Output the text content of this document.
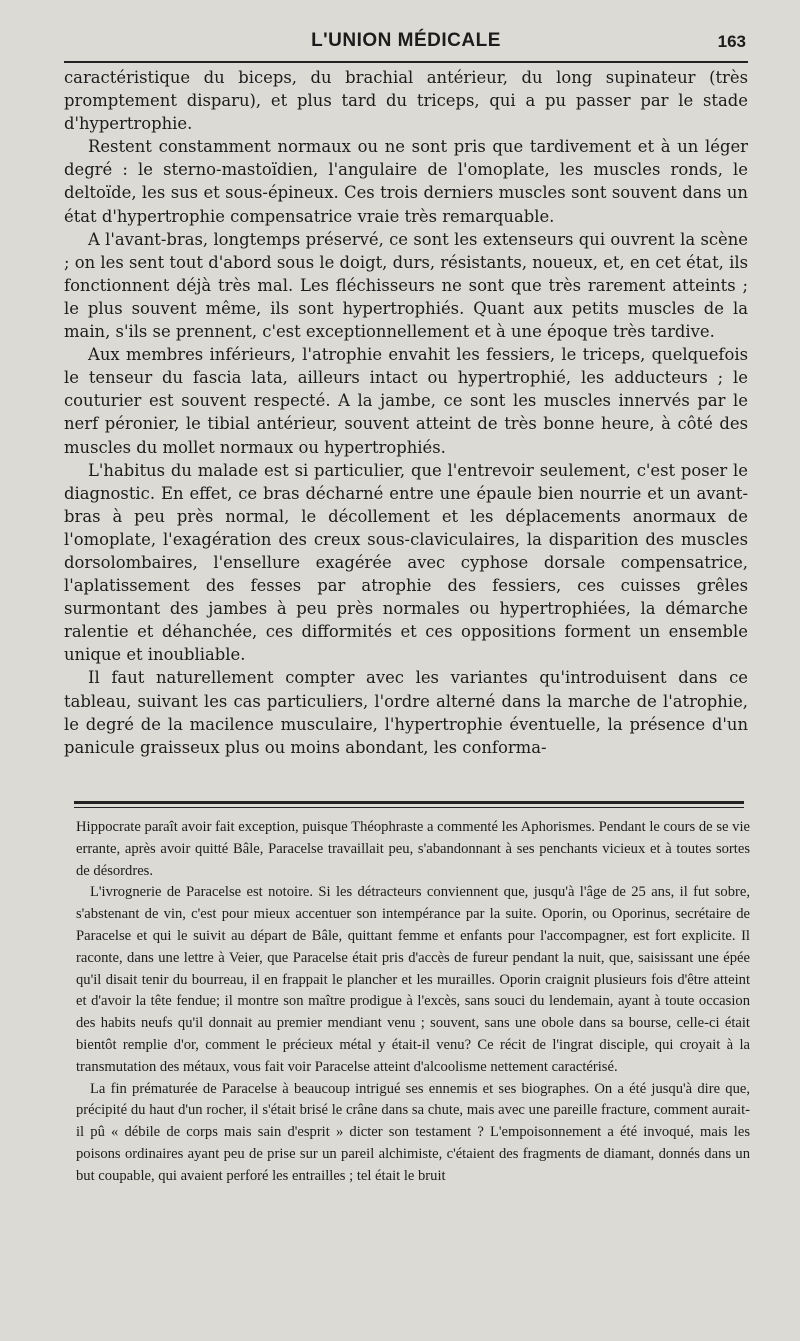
L'UNION MÉDICALE	163

caractéristique du biceps, du brachial antérieur, du long supinateur (très promptement disparu), et plus tard du triceps, qui a pu passer par le stade d'hypertrophie.

Restent constamment normaux ou ne sont pris que tardivement et à un léger degré : le sterno-mastoïdien, l'angulaire de l'omoplate, les muscles ronds, le deltoïde, les sus et sous-épineux. Ces trois derniers muscles sont souvent dans un état d'hypertrophie compensatrice vraie très remarquable.

A l'avant-bras, longtemps préservé, ce sont les extenseurs qui ouvrent la scène ; on les sent tout d'abord sous le doigt, durs, résistants, noueux, et, en cet état, ils fonctionnent déjà très mal. Les fléchisseurs ne sont que très rarement atteints ; le plus souvent même, ils sont hypertrophiés. Quant aux petits muscles de la main, s'ils se prennent, c'est exceptionnellement et à une époque très tardive.

Aux membres inférieurs, l'atrophie envahit les fessiers, le triceps, quelquefois le tenseur du fascia lata, ailleurs intact ou hypertrophié, les adducteurs ; le couturier est souvent respecté. A la jambe, ce sont les muscles innervés par le nerf péronier, le tibial antérieur, souvent atteint de très bonne heure, à côté des muscles du mollet normaux ou hypertrophiés.

L'habitus du malade est si particulier, que l'entrevoir seulement, c'est poser le diagnostic. En effet, ce bras décharné entre une épaule bien nourrie et un avant-bras à peu près normal, le décollement et les déplacements anormaux de l'omoplate, l'exagération des creux sous-claviculaires, la disparition des muscles dorsolombaires, l'ensellure exagérée avec cyphose dorsale compensatrice, l'aplatissement des fesses par atrophie des fessiers, ces cuisses grêles surmontant des jambes à peu près normales ou hypertrophiées, la démarche ralentie et déhanchée, ces difformités et ces oppositions forment un ensemble unique et inoubliable.

Il faut naturellement compter avec les variantes qu'introduisent dans ce tableau, suivant les cas particuliers, l'ordre alterné dans la marche de l'atrophie, le degré de la macilence musculaire, l'hypertrophie éventuelle, la présence d'un panicule graisseux plus ou moins abondant, les conforma-

Hippocrate paraît avoir fait exception, puisque Théophraste a commenté les Aphorismes. Pendant le cours de se vie errante, après avoir quitté Bâle, Paracelse travaillait peu, s'abandonnant à ses penchants vicieux et à toutes sortes de désordres.

L'ivrognerie de Paracelse est notoire. Si les détracteurs conviennent que, jusqu'à l'âge de 25 ans, il fut sobre, s'abstenant de vin, c'est pour mieux accentuer son intempérance par la suite. Oporin, ou Oporinus, secrétaire de Paracelse et qui le suivit au départ de Bâle, quittant femme et enfants pour l'accompagner, est fort explicite. Il raconte, dans une lettre à Veier, que Paracelse était pris d'accès de fureur pendant la nuit, que, saisissant une épée qu'il disait tenir du bourreau, il en frappait le plancher et les murailles. Oporin craignit plusieurs fois d'être atteint et d'avoir la tête fendue; il montre son maître prodigue à l'excès, sans souci du lendemain, ayant à toute occasion des habits neufs qu'il donnait au premier mendiant venu ; souvent, sans une obole dans sa bourse, celle-ci était bientôt remplie d'or, comment le précieux métal y était-il venu? Ce récit de l'ingrat disciple, qui croyait à la transmutation des métaux, vous fait voir Paracelse atteint d'alcoolisme nettement caractérisé.

La fin prématurée de Paracelse à beaucoup intrigué ses ennemis et ses biographes. On a été jusqu'à dire que, précipité du haut d'un rocher, il s'était brisé le crâne dans sa chute, mais avec une pareille fracture, comment aurait-il pû « débile de corps mais sain d'esprit » dicter son testament ? L'empoisonnement a été invoqué, mais les poisons ordinaires ayant peu de prise sur un pareil alchimiste, c'étaient des fragments de diamant, donnés dans un but coupable, qui avaient perforé les entrailles ; tel était le bruit
